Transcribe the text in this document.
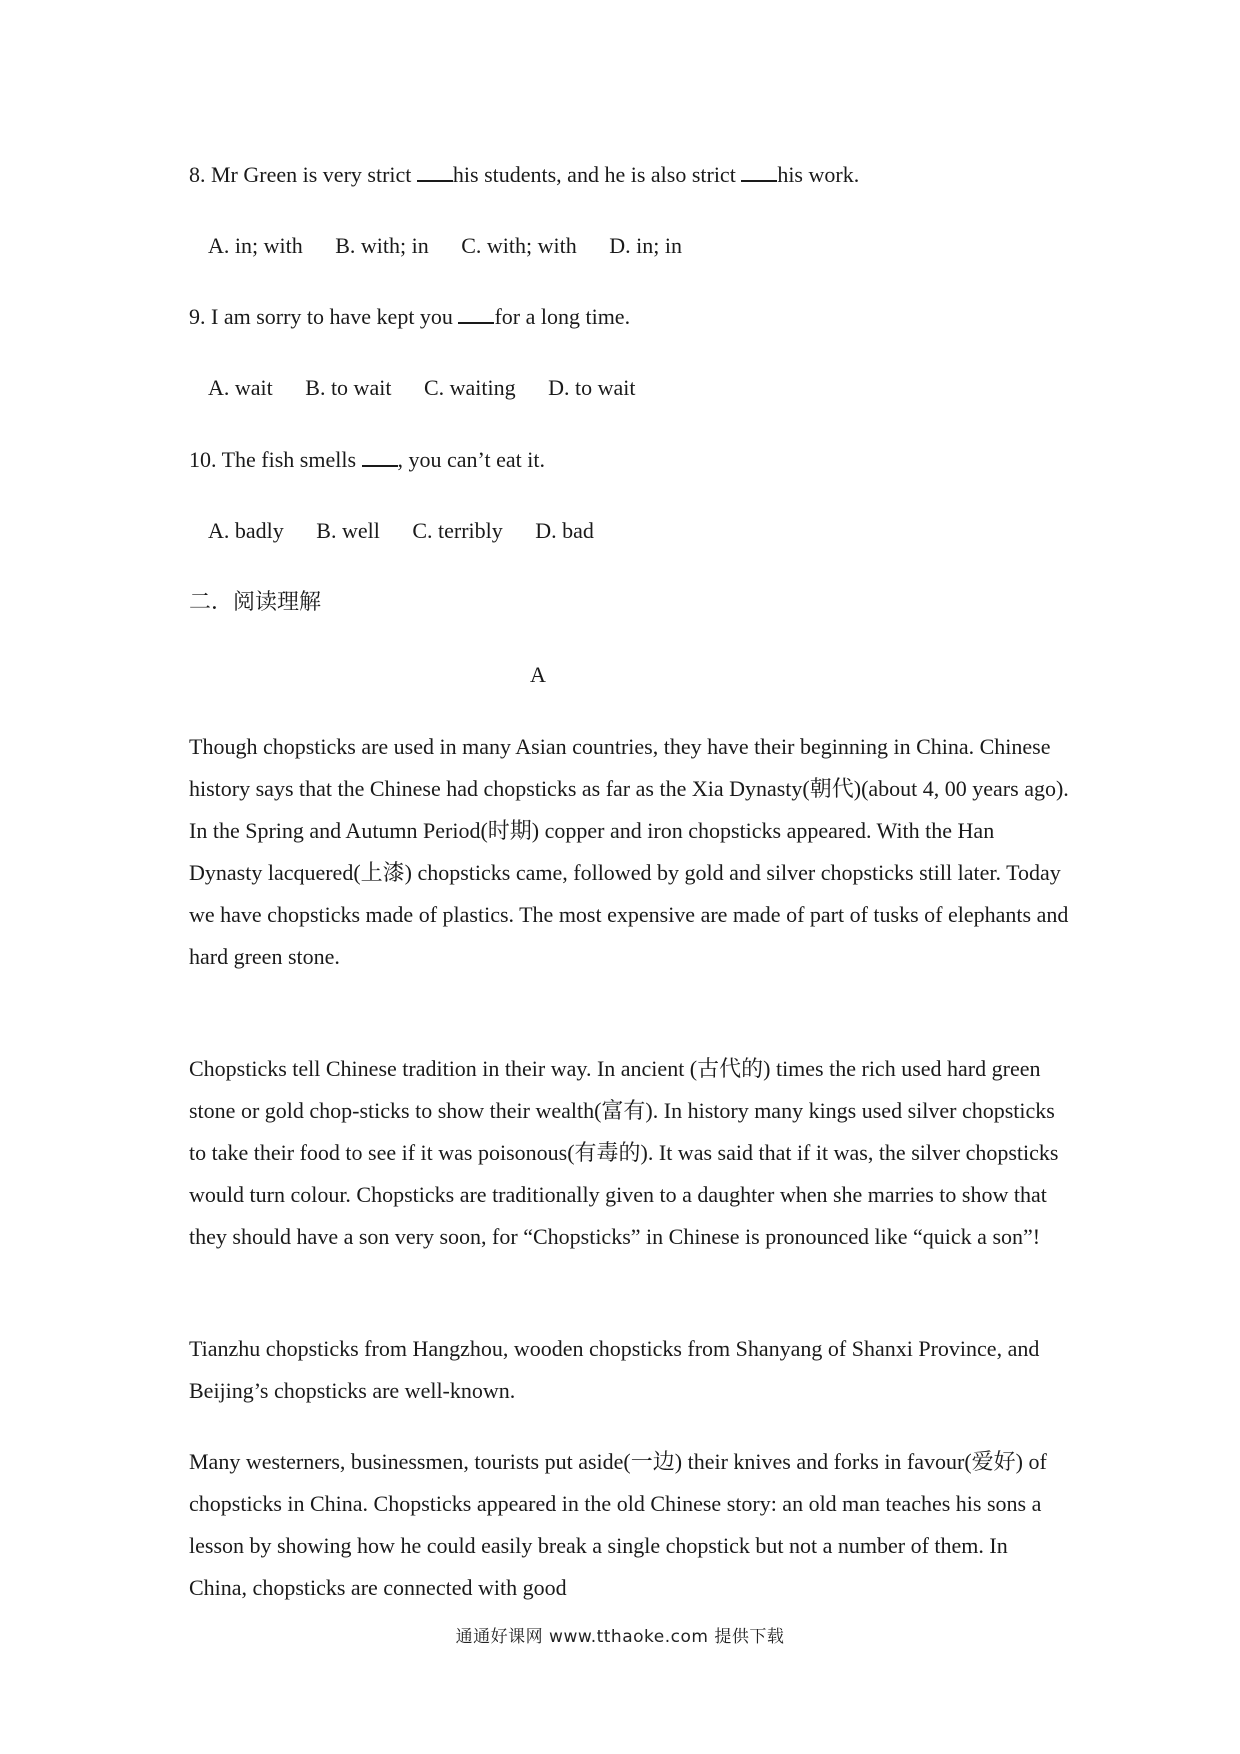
8. Mr Green is very strict his students, and he is also strict his work.
A. in; with B. with; in C. with; with D. in; in
9. I am sorry to have kept you for a long time.
A. wait B. to wait C. waiting D. to wait
10. The fish smells , you can’t eat it.
A. badly B. well C. terribly D. bad
二．阅读理解
A
Though chopsticks are used in many Asian countries, they have their beginning in China. Chinese history says that the Chinese had chopsticks as far as the Xia Dynasty(朝代)(about 4, 00 years ago). In the Spring and Autumn Period(时期) copper and iron chopsticks appeared. With the Han Dynasty lacquered(上漆) chopsticks came, followed by gold and silver chopsticks still later. Today we have chopsticks made of plastics. The most expensive are made of part of tusks of elephants and hard green stone.
Chopsticks tell Chinese tradition in their way. In ancient (古代的) times the rich used hard green stone or gold chop-sticks to show their wealth(富有). In history many kings used silver chopsticks to take their food to see if it was poisonous(有毒的). It was said that if it was, the silver chopsticks would turn colour. Chopsticks are traditionally given to a daughter when she marries to show that they should have a son very soon, for “Chopsticks” in Chinese is pronounced like “quick a son”!
Tianzhu chopsticks from Hangzhou, wooden chopsticks from Shanyang of Shanxi Province, and Beijing’s chopsticks are well-known.
Many westerners, businessmen, tourists put aside(一边) their knives and forks in favour(爱好) of chopsticks in China. Chopsticks appeared in the old Chinese story: an old man teaches his sons a lesson by showing how he could easily break a single chopstick but not a number of them. In China, chopsticks are connected with good
通通好课网 www.tthaoke.com 提供下载
